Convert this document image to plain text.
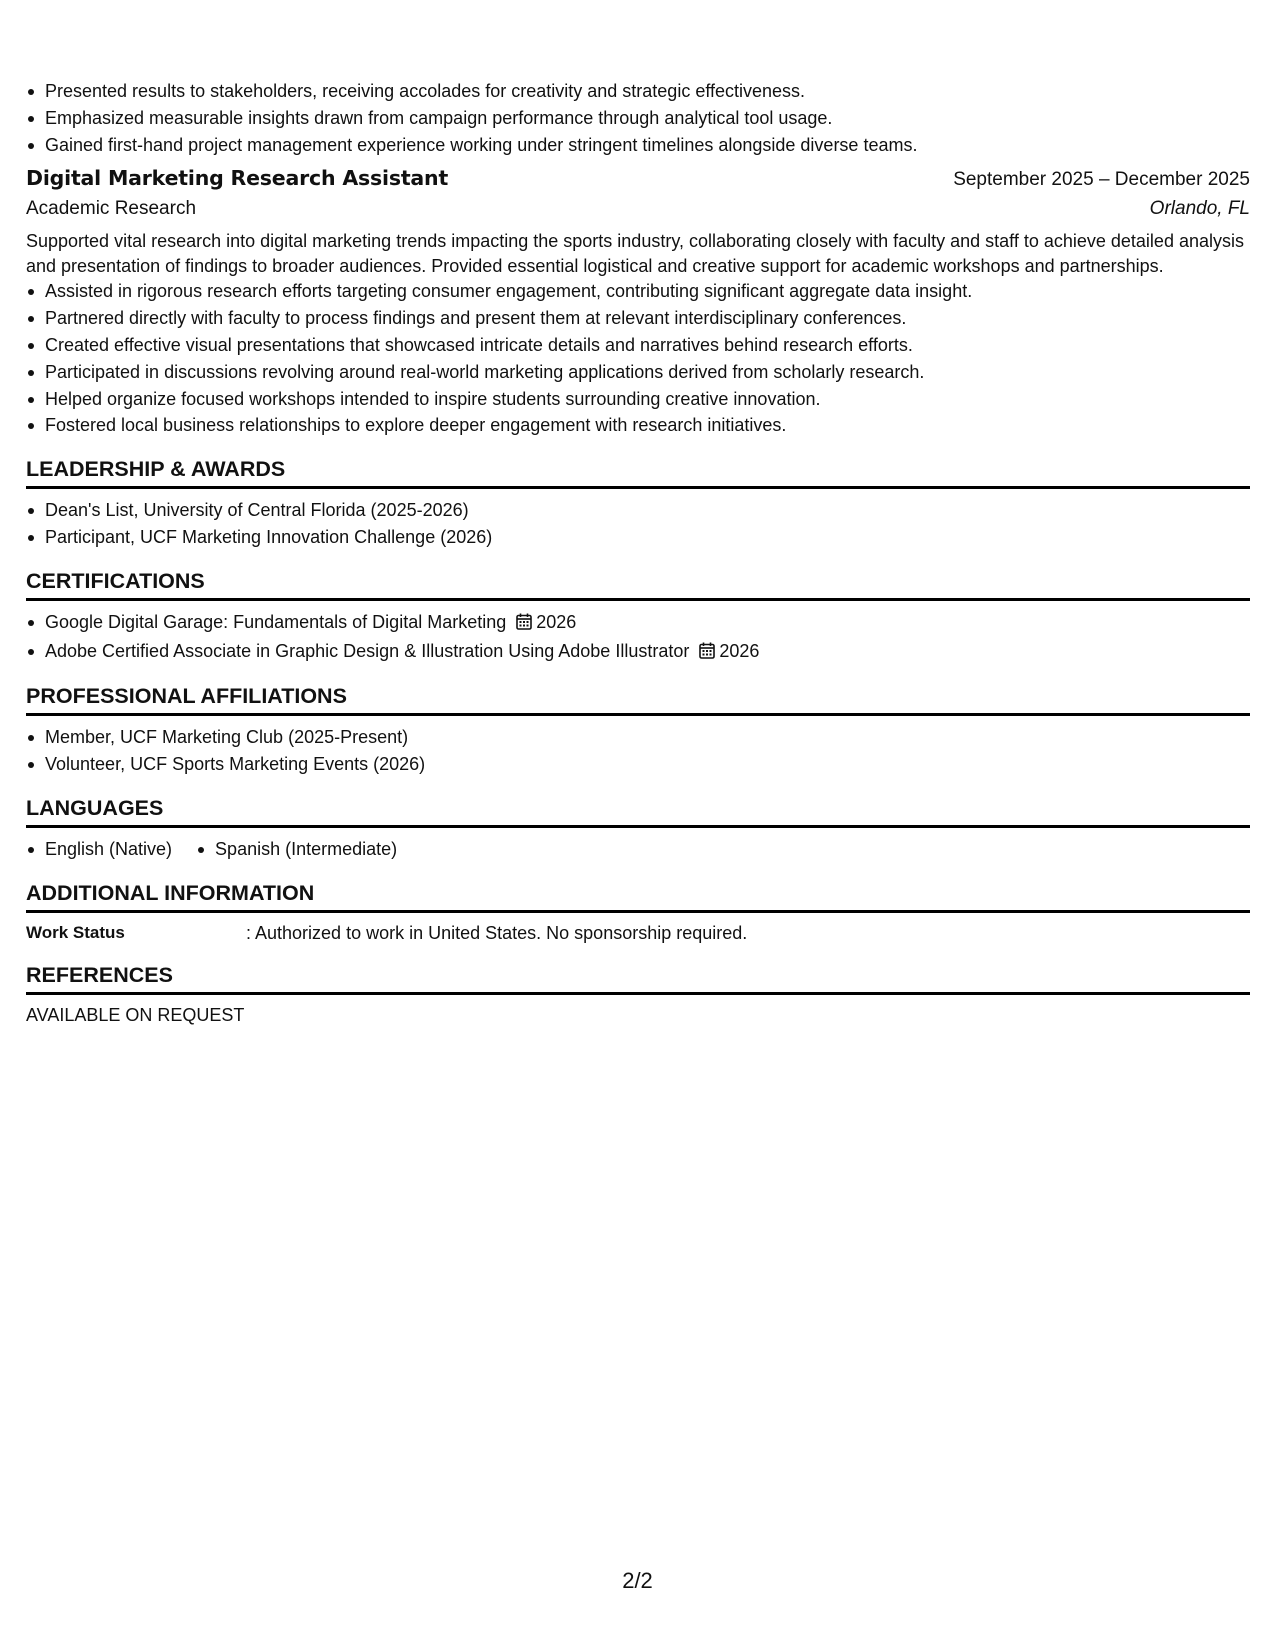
Presented results to stakeholders, receiving accolades for creativity and strategic effectiveness.
Emphasized measurable insights drawn from campaign performance through analytical tool usage.
Gained first-hand project management experience working under stringent timelines alongside diverse teams.
Digital Marketing Research Assistant	September 2025 – December 2025
Academic Research	Orlando, FL
Supported vital research into digital marketing trends impacting the sports industry, collaborating closely with faculty and staff to achieve detailed analysis and presentation of findings to broader audiences. Provided essential logistical and creative support for academic workshops and partnerships.
Assisted in rigorous research efforts targeting consumer engagement, contributing significant aggregate data insight.
Partnered directly with faculty to process findings and present them at relevant interdisciplinary conferences.
Created effective visual presentations that showcased intricate details and narratives behind research efforts.
Participated in discussions revolving around real-world marketing applications derived from scholarly research.
Helped organize focused workshops intended to inspire students surrounding creative innovation.
Fostered local business relationships to explore deeper engagement with research initiatives.
LEADERSHIP & AWARDS
Dean's List, University of Central Florida (2025-2026)
Participant, UCF Marketing Innovation Challenge (2026)
CERTIFICATIONS
Google Digital Garage: Fundamentals of Digital Marketing 2026
Adobe Certified Associate in Graphic Design & Illustration Using Adobe Illustrator 2026
PROFESSIONAL AFFILIATIONS
Member, UCF Marketing Club (2025-Present)
Volunteer, UCF Sports Marketing Events (2026)
LANGUAGES
English (Native)	Spanish (Intermediate)
ADDITIONAL INFORMATION
Work Status	: Authorized to work in United States. No sponsorship required.
REFERENCES
AVAILABLE ON REQUEST
2/2
